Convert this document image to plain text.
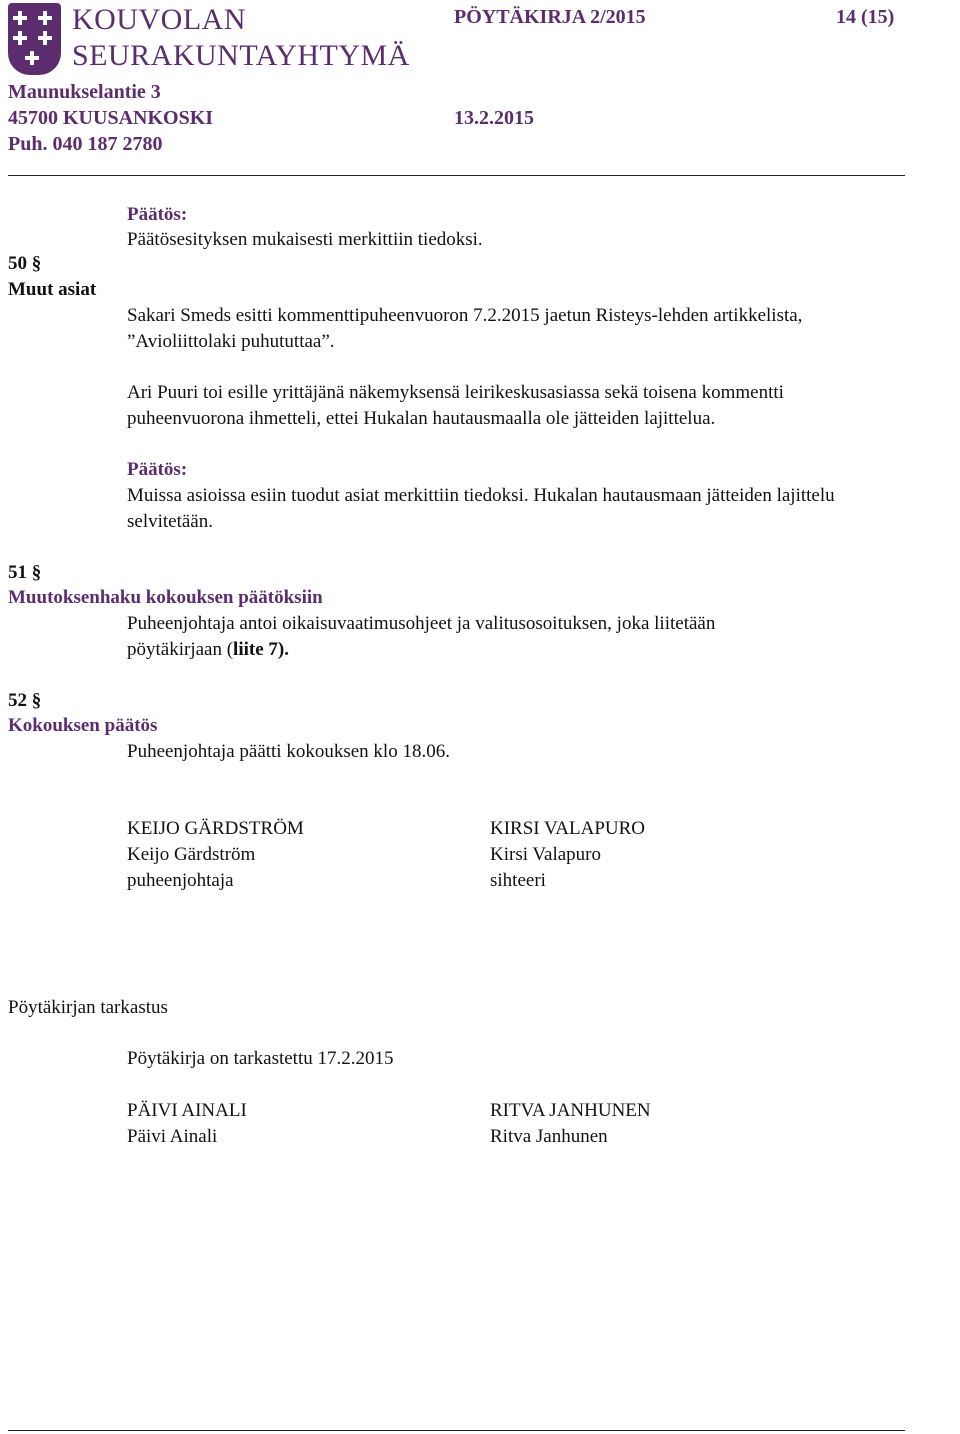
KOUVOLAN
SEURAKUNTAYHTYMÄ
PÖYTÄKIRJA 2/2015	14 (15)
Maunukselantie 3
45700 KUUSANKOSKI	13.2.2015
Puh. 040 187 2780
Päätös:
Päätösesityksen mukaisesti merkittiin tiedoksi.
50 §
Muut asiat
Sakari Smeds esitti kommenttipuheenvuoron 7.2.2015 jaetun Risteys-lehden artikkelista,
”Avioliittolaki puhututtaa”.
Ari Puuri toi esille yrittäjänä näkemyksensä leirikeskusasiassa sekä toisena kommentti
puheenvuorona ihmetteli, ettei Hukalan hautausmaalla ole jätteiden lajittelua.
Päätös:
Muissa asioissa esiin tuodut asiat merkittiin tiedoksi. Hukalan hautausmaan jätteiden lajittelu
selvitetään.
51 §
Muutoksenhaku kokouksen päätöksiin
Puheenjohtaja antoi oikaisuvaatimusohjeet ja valitusosoituksen, joka liitetään
pöytäkirjaan (liite 7).
52 §
Kokouksen päätös
Puheenjohtaja päätti kokouksen klo 18.06.
KEIJO GÄRDSTRÖM
Keijo Gärdström
puheenjohtaja
KIRSI VALAPURO
Kirsi Valapuro
sihteeri
Pöytäkirjan tarkastus
Pöytäkirja on tarkastettu 17.2.2015
PÄIVI AINALI
Päivi Ainali
RITVA JANHUNEN
Ritva Janhunen
